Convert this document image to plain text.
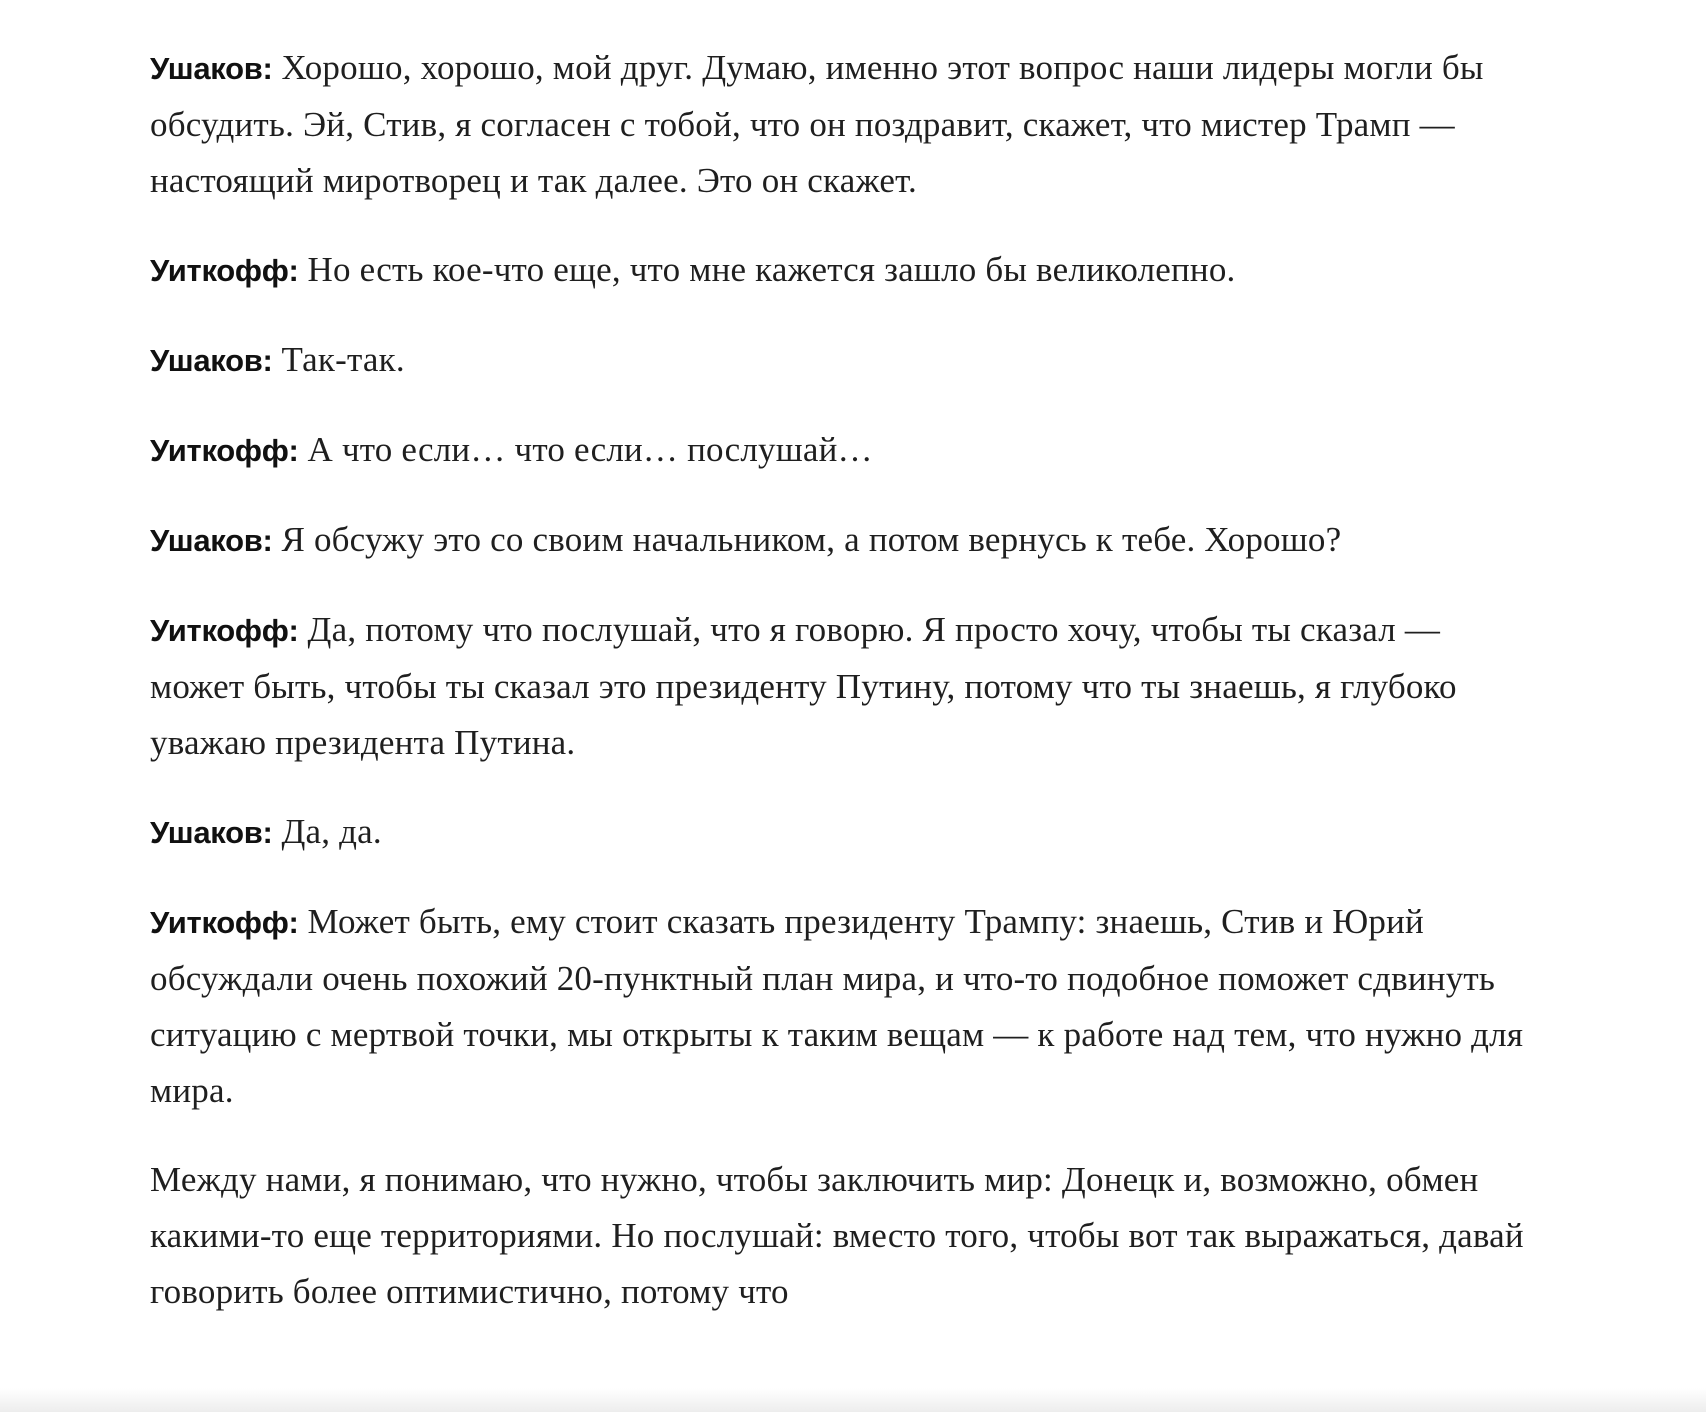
Ушаков: Хорошо, хорошо, мой друг. Думаю, именно этот вопрос наши лидеры могли бы обсудить. Эй, Стив, я согласен с тобой, что он поздравит, скажет, что мистер Трамп — настоящий миротворец и так далее. Это он скажет.

Уиткофф: Но есть кое-что еще, что мне кажется зашло бы великолепно.

Ушаков: Так-так.

Уиткофф: А что если… что если… послушай…

Ушаков: Я обсужу это со своим начальником, а потом вернусь к тебе. Хорошо?

Уиткофф: Да, потому что послушай, что я говорю. Я просто хочу, чтобы ты сказал — может быть, чтобы ты сказал это президенту Путину, потому что ты знаешь, я глубоко уважаю президента Путина.

Ушаков: Да, да.

Уиткофф: Может быть, ему стоит сказать президенту Трампу: знаешь, Стив и Юрий обсуждали очень похожий 20-пунктный план мира, и что-то подобное поможет сдвинуть ситуацию с мертвой точки, мы открыты к таким вещам — к работе над тем, что нужно для мира.

Между нами, я понимаю, что нужно, чтобы заключить мир: Донецк и, возможно, обмен какими-то еще территориями. Но послушай: вместо того, чтобы вот так выражаться, давай говорить более оптимистично, потому что
